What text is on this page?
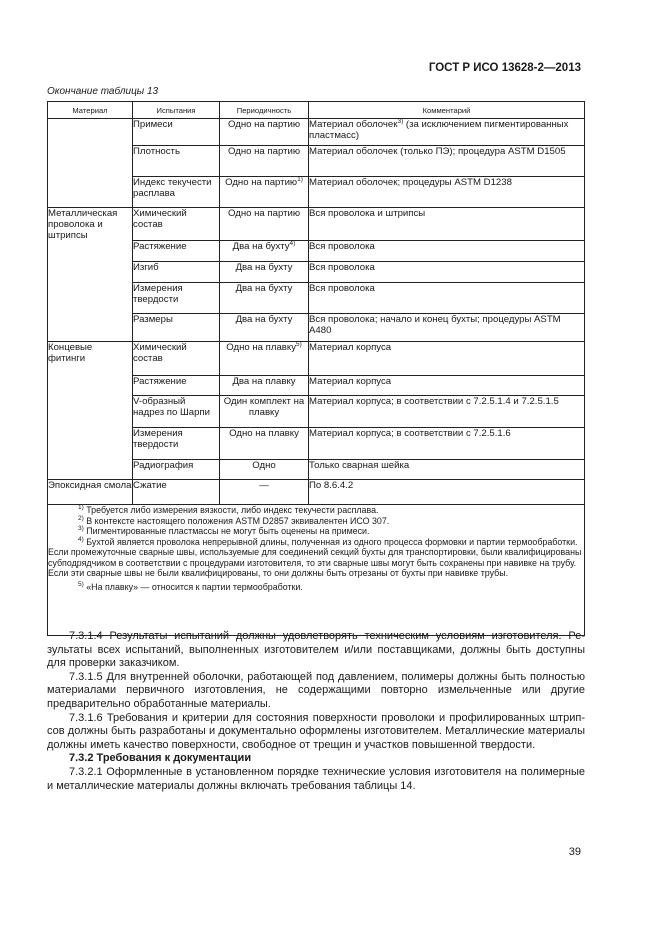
ГОСТ Р ИСО 13628-2—2013
Окончание таблицы 13
Материал	Испытания	Периодичность	Комментарий
	Примеси	Одно на партию	Материал оболочек$^{3)}$ (за исключением пигментированных пластмасс)
	Плотность	Одно на партию	Материал оболочек (только ПЭ); процедура ASTM D1505
	Индекс текучести расплава	Одно на партию$^{1)}$	Материал оболочек; процедуры ASTM D1238
Металлическая проволока и штрипсы	Химический состав	Одно на партию	Вся проволока и штрипсы
	Растяжение	Два на бухту$^{4)}$	Вся проволока
	Изгиб	Два на бухту	Вся проволока
	Измерения твердости	Два на бухту	Вся проволока
	Размеры	Два на бухту	Вся проволока; начало и конец бухты; процедуры ASTM A480
Концевые фитинги	Химический состав	Одно на плавку$^{5)}$	Материал корпуса
	Растяжение	Два на плавку	Материал корпуса
	V-образный надрез по Шарпи	Один комплект на плавку	Материал корпуса; в соответствии с 7.2.5.1.4 и 7.2.5.1.5
	Измерения твердости	Одно на плавку	Материал корпуса; в соответствии с 7.2.5.1.6
	Радиография	Одно	Только сварная шейка
Эпоксидная смола	Сжатие	—	По 8.6.4.2

$^{1)}$ Требуется либо измерения вязкости, либо индекс текучести расплава.
$^{2)}$ В контексте настоящего положения ASTM D2857 эквивалентен ИСО 307.
$^{3)}$ Пигментированные пластмассы не могут быть оценены на примеси.
$^{4)}$ Бухтой является проволока непрерывной длины, полученная из одного процесса формовки и партии термообработки. Если промежуточные сварные швы, используемые для соединений секций бухты для транспортировки, были квалифицированы субподрядчиком в соответствии с процедурами изготовителя, то эти сварные швы могут быть сохранены при навивке на трубу. Если эти сварные швы не были квалифицированы, то они должны быть отрезаны от бухты при навивке трубы.
$^{5)}$ «На плавку» — относится к партии термообработки.			

7.3.1.4 Результаты испытаний должны удовлетворять техническим условиям изготовителя. Результаты всех испытаний, выполненных изготовителем и/или поставщиками, должны быть доступны для проверки заказчиком.

7.3.1.5 Для внутренней оболочки, работающей под давлением, полимеры должны быть полностью материалами первичного изготовления, не содержащими повторно измельченные или другие предварительно обработанные материалы.

7.3.1.6 Требования и критерии для состояния поверхности проволоки и профилированных штрипсов должны быть разработаны и документально оформлены изготовителем. Металлические материалы должны иметь качество поверхности, свободное от трещин и участков повышенной твердости.

7.3.2 Требования к документации

7.3.2.1 Оформленные в установленном порядке технические условия изготовителя на полимерные и металлические материалы должны включать требования таблицы 14.

39
